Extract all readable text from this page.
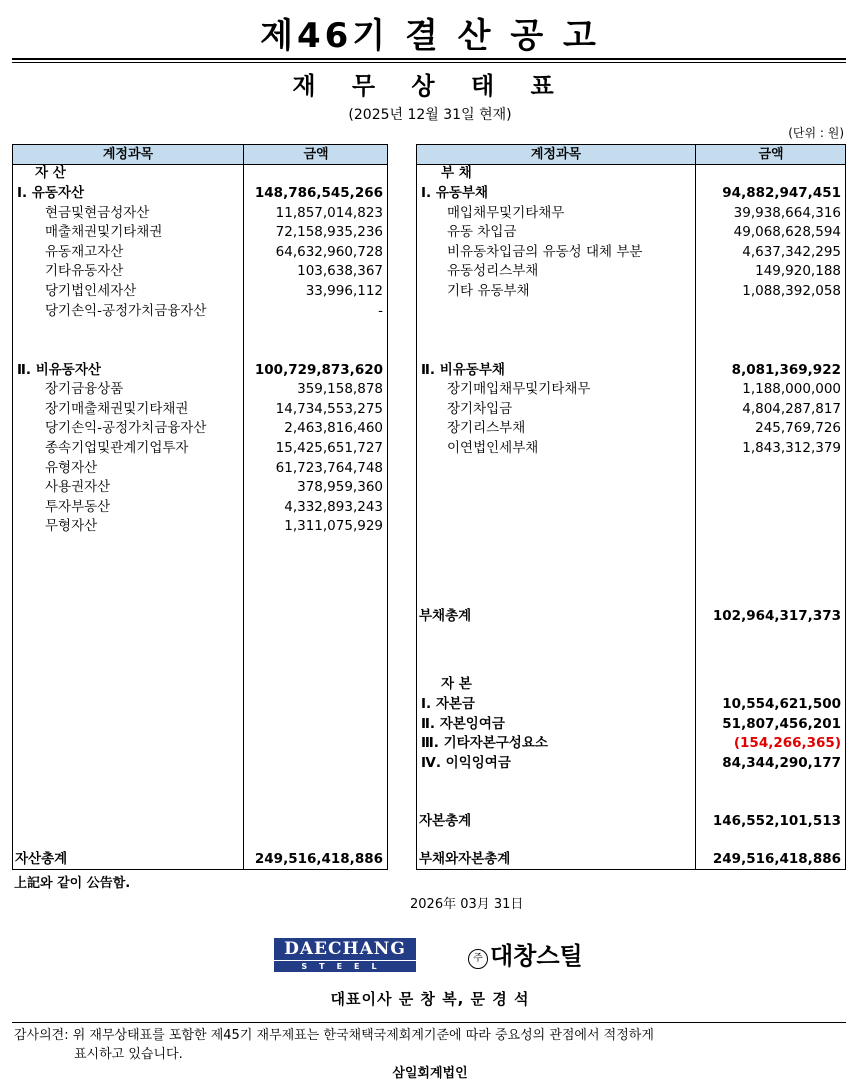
제46기 결 산 공 고
재 무 상 태 표
(2025년 12월 31일 현재)
(단위 : 원)
계정과목	금액
자 산
Ⅰ. 유동자산	148,786,545,266
현금및현금성자산	11,857,014,823
매출채권및기타채권	72,158,935,236
유동재고자산	64,632,960,728
기타유동자산	103,638,367
당기법인세자산	33,996,112
당기손익-공정가치금융자산	-
Ⅱ. 비유동자산	100,729,873,620
장기금융상품	359,158,878
장기매출채권및기타채권	14,734,553,275
당기손익-공정가치금융자산	2,463,816,460
종속기업및관계기업투자	15,425,651,727
유형자산	61,723,764,748
사용권자산	378,959,360
투자부동산	4,332,893,243
무형자산	1,311,075,929
자산총계	249,516,418,886
계정과목	금액
부 채
Ⅰ. 유동부채	94,882,947,451
매입채무및기타채무	39,938,664,316
유동 차입금	49,068,628,594
비유동차입금의 유동성 대체 부분	4,637,342,295
유동성리스부채	149,920,188
기타 유동부채	1,088,392,058
Ⅱ. 비유동부채	8,081,369,922
장기매입채무및기타채무	1,188,000,000
장기차입금	4,804,287,817
장기리스부채	245,769,726
이연법인세부채	1,843,312,379
부채총계	102,964,317,373
자 본
Ⅰ. 자본금	10,554,621,500
Ⅱ. 자본잉여금	51,807,456,201
Ⅲ. 기타자본구성요소	(154,266,365)
Ⅳ. 이익잉여금	84,344,290,177
자본총계	146,552,101,513
부채와자본총계	249,516,418,886
上記와 같이 公告함.
2026年 03月 31日
DAECHANG
STEEL
주 대창스틸
대표이사 문 창 복, 문 경 석
감사의견: 위 재무상태표를 포함한 제45기 재무제표는 한국채택국제회계기준에 따라 중요성의 관점에서 적정하게
표시하고 있습니다.
삼일회계법인
